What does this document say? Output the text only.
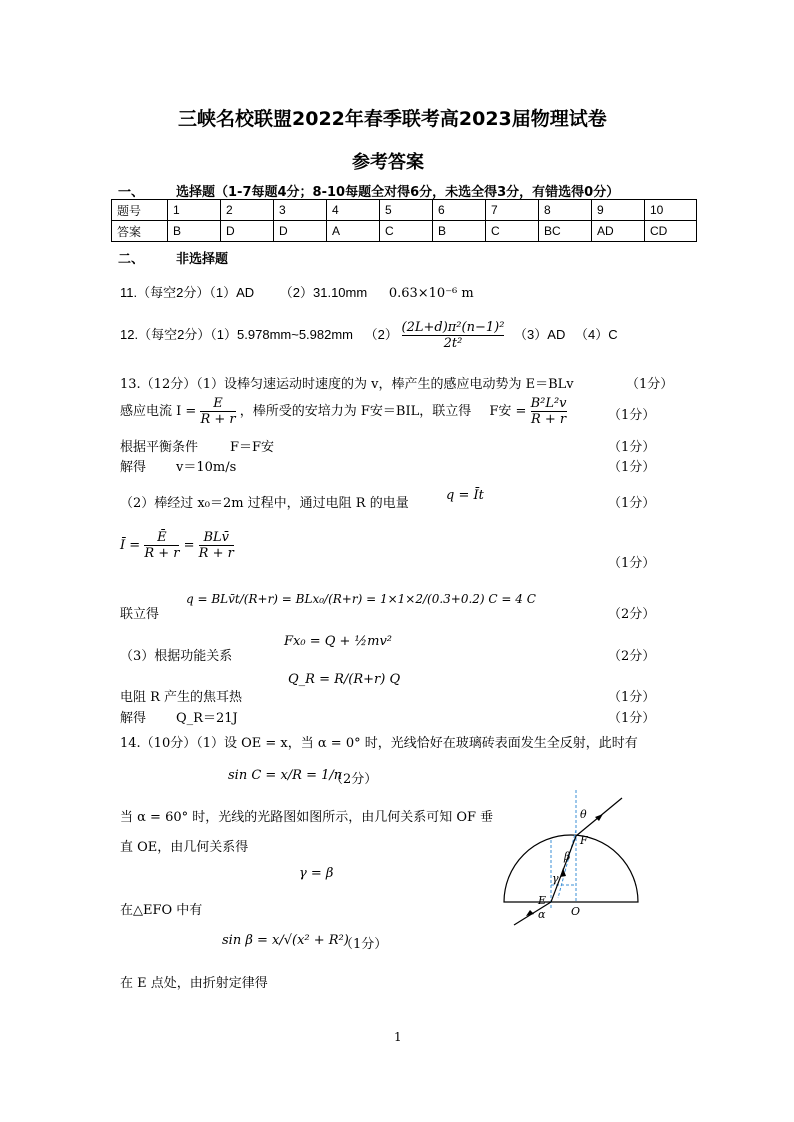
三峡名校联盟2022年春季联考高2023届物理试卷
参考答案
一、 选择题（1-7每题4分；8-10每题全对得6分，未选全得3分，有错选得0分）
题号	1	2	3	4	5	6	7	8	9	10
答案	B	D	D	A	C	B	C	BC	AD	CD
二、 非选择题
11.（每空2分）（1）AD （2）31.10mm 0.63×10⁻⁶ m
12.（每空2分）（1）5.978mm~5.982mm $(2) \frac{\text{(2L+d)π²(n−1)²}}{\text{2t²}} (3)AD$ （4）C
13.（12分）（1）设棒匀速运动时速度的为 v，棒产生的感应电动势为 E＝BLv	（1分）
感应电流 $I = \frac{E}{R + r}$ ，棒所受的安培力为 F安＝BIL，联立得 F安 = $\frac{\text{B²L²v}}{R + r}$	（1分）
根据平衡条件 F＝F安	（1分）
解得 v＝10m/s	（1分）
（2）棒经过 x₀＝2m 过程中，通过电阻 R 的电量
q = Īt
（1分）
Ī = $\frac{Ē}{R + r} = \frac{\text{BLv̄}}{R + r}$
（1分）
联立得
q = BLv̄t/(R+r) = BLx₀/(R+r) = 1×1×2/(0.3+0.2) C = 4 C
（2分）
（3）根据功能关系
Fx₀ = Q + ½mv²
（2分）
电阻 R 产生的焦耳热
Q_R = R/(R+r) Q
（1分）
解得 Q_R＝21J	（1分）
14.（10分）（1）设 OE = x，当 α = 0° 时，光线恰好在玻璃砖表面发生全反射，此时有
sin C = x/R = 1/n
（2分）
当 α = 60° 时，光线的光路图如图所示，由几何关系可知 OF 垂
直 OE，由几何关系得
γ = β
在△EFO 中有
sin β = x/√(x² + R²)
（1分）
在 E 点处，由折射定律得
θ
F
β
γ
E
α O
1
